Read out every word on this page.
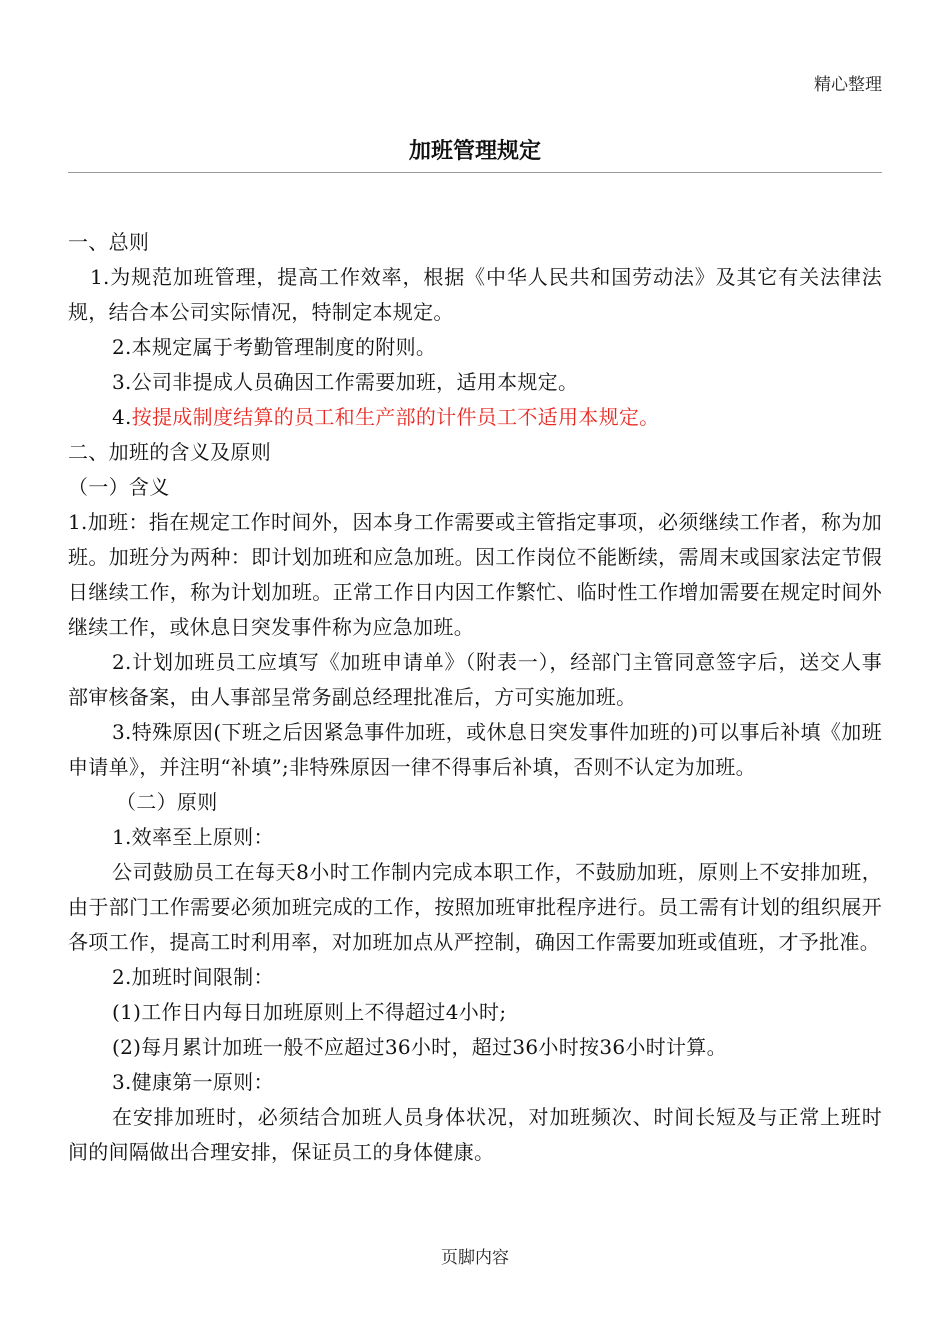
精心整理
加班管理规定

一、总则

1.为规范加班管理，提高工作效率，根据《中华人民共和国劳动法》及其它有关法律法规，结合本公司实际情况，特制定本规定。

2.本规定属于考勤管理制度的附则。

3.公司非提成人员确因工作需要加班，适用本规定。

4.按提成制度结算的员工和生产部的计件员工不适用本规定。

二、加班的含义及原则

（一）含义

1.加班：指在规定工作时间外，因本身工作需要或主管指定事项，必须继续工作者，称为加班。加班分为两种：即计划加班和应急加班。因工作岗位不能断续，需周末或国家法定节假日继续工作，称为计划加班。正常工作日内因工作繁忙、临时性工作增加需要在规定时间外继续工作，或休息日突发事件称为应急加班。

2.计划加班员工应填写《加班申请单》（附表一），经部门主管同意签字后，送交人事部审核备案，由人事部呈常务副总经理批准后，方可实施加班。

3.特殊原因(下班之后因紧急事件加班，或休息日突发事件加班的)可以事后补填《加班申请单》，并注明“补填”;非特殊原因一律不得事后补填，否则不认定为加班。

（二）原则

1.效率至上原则：

公司鼓励员工在每天8小时工作制内完成本职工作，不鼓励加班，原则上不安排加班，由于部门工作需要必须加班完成的工作，按照加班审批程序进行。员工需有计划的组织展开各项工作，提高工时利用率，对加班加点从严控制，确因工作需要加班或值班，才予批准。

2.加班时间限制：

(1)工作日内每日加班原则上不得超过4小时;

(2)每月累计加班一般不应超过36小时，超过36小时按36小时计算。

3.健康第一原则：

在安排加班时，必须结合加班人员身体状况，对加班频次、时间长短及与正常上班时间的间隔做出合理安排，保证员工的身体健康。

页脚内容
